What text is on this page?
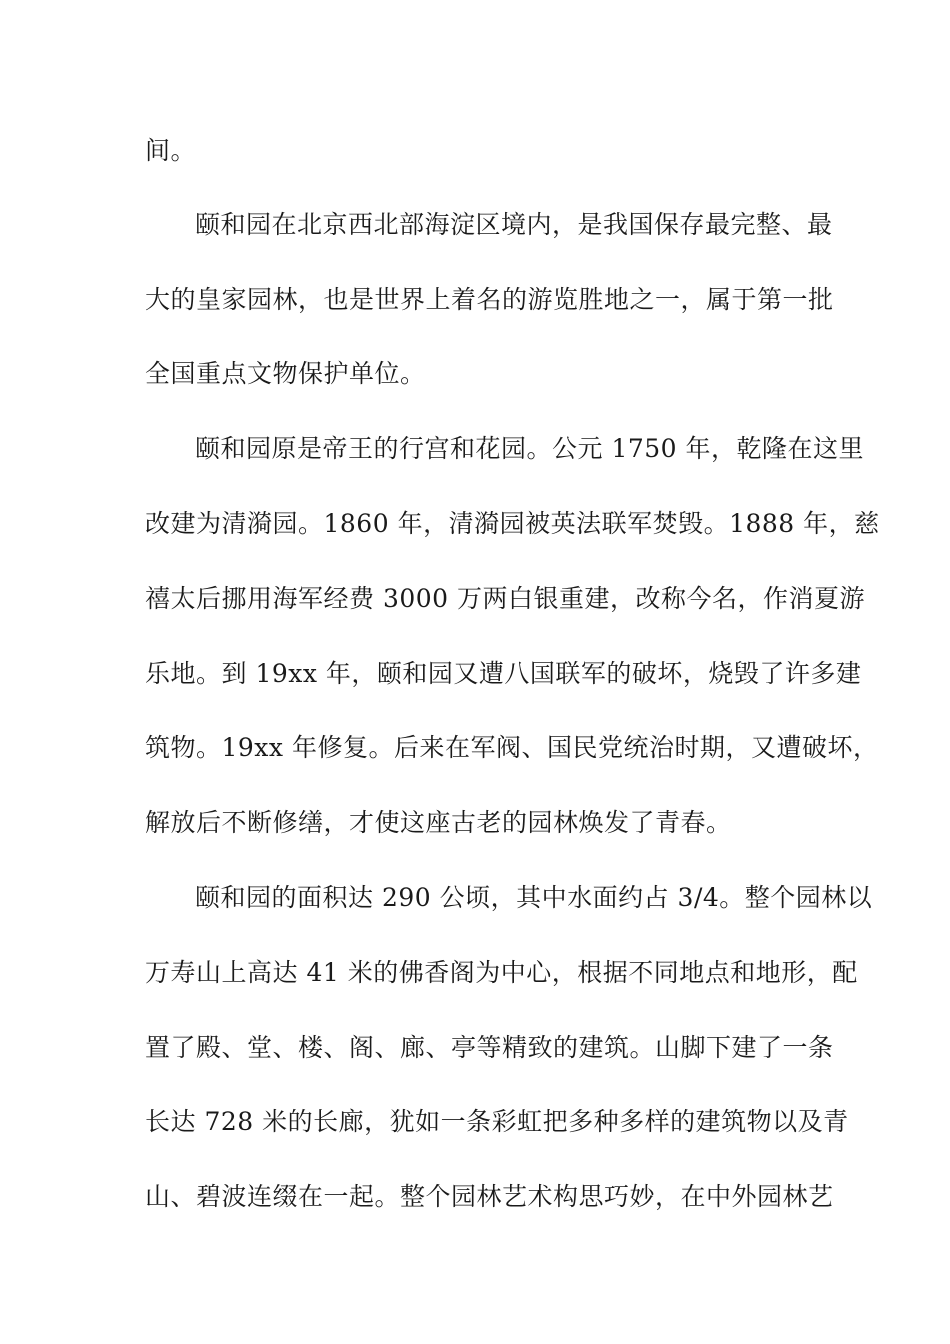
间。
颐和园在北京西北部海淀区境内，是我国保存最完整、最
大的皇家园林，也是世界上着名的游览胜地之一，属于第一批
全国重点文物保护单位。
颐和园原是帝王的行宫和花园。公元 1750 年，乾隆在这里
改建为清漪园。1860 年，清漪园被英法联军焚毁。1888 年，慈
禧太后挪用海军经费 3000 万两白银重建，改称今名，作消夏游
乐地。到 19xx 年，颐和园又遭八国联军的破坏，烧毁了许多建
筑物。19xx 年修复。后来在军阀、国民党统治时期，又遭破坏，
解放后不断修缮，才使这座古老的园林焕发了青春。
颐和园的面积达 290 公顷，其中水面约占 3/4。整个园林以
万寿山上高达 41 米的佛香阁为中心，根据不同地点和地形，配
置了殿、堂、楼、阁、廊、亭等精致的建筑。山脚下建了一条
长达 728 米的长廊，犹如一条彩虹把多种多样的建筑物以及青
山、碧波连缀在一起。整个园林艺术构思巧妙，在中外园林艺
